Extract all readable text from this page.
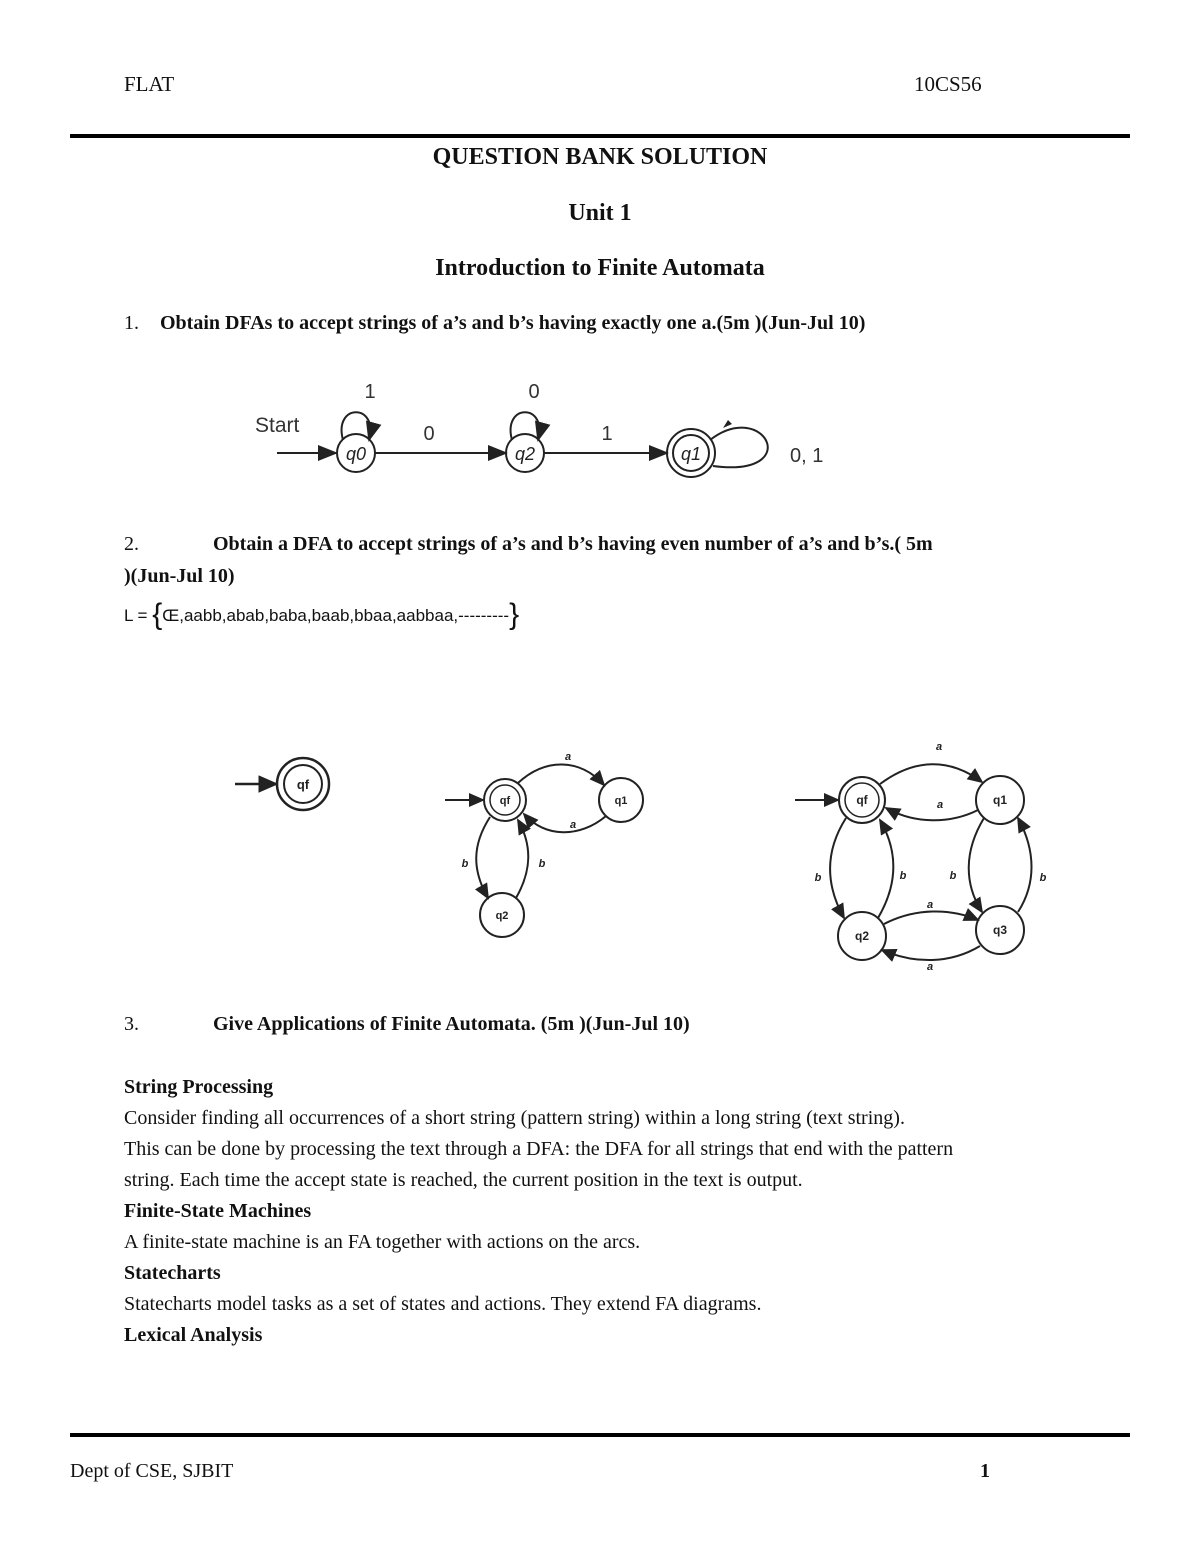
FLAT	10CS56
QUESTION BANK SOLUTION
Unit 1
Introduction to Finite Automata
1. Obtain DFAs to accept strings of a’s and b’s having exactly one a.(5m )(Jun-Jul 10)
Start
q0
1
0
q2
0
1
q1	0, 1
2.	Obtain a DFA to accept strings of a’s and b’s having even number of a’s and b’s.( 5m
)(Jun-Jul 10)
L = {Œ,aabb,abab,baba,baab,bbaa,aabbaa,---------}
qf
qf	q1
q2
a
a
b	b
qf	q1
q2	q3
a
a
a
a
b	b	b	b
3.	Give Applications of Finite Automata. (5m )(Jun-Jul 10)
String Processing
Consider finding all occurrences of a short string (pattern string) within a long string (text string).
This can be done by processing the text through a DFA: the DFA for all strings that end with the pattern
string. Each time the accept state is reached, the current position in the text is output.
Finite-State Machines
A finite-state machine is an FA together with actions on the arcs.
Statecharts
Statecharts model tasks as a set of states and actions. They extend FA diagrams.
Lexical Analysis
Dept of CSE, SJBIT	1
